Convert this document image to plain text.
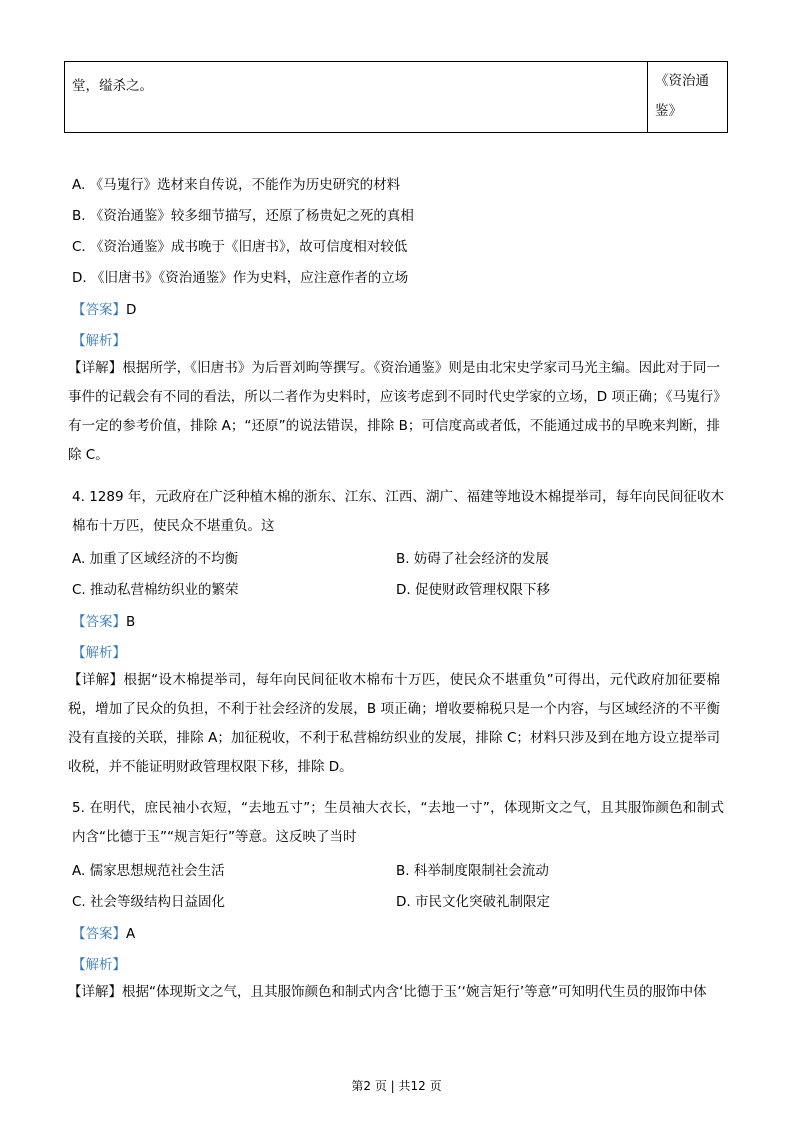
堂，缢杀之。	《资治通鉴》
A. 《马嵬行》选材来自传说，不能作为历史研究的材料
B. 《资治通鉴》较多细节描写，还原了杨贵妃之死的真相
C. 《资治通鉴》成书晚于《旧唐书》，故可信度相对较低
D. 《旧唐书》《资治通鉴》作为史料，应注意作者的立场
【答案】D
【解析】
【详解】根据所学，《旧唐书》为后晋刘昫等撰写。《资治通鉴》则是由北宋史学家司马光主编。因此对于同一事件的记载会有不同的看法，所以二者作为史料时，应该考虑到不同时代史学家的立场，D 项正确；《马嵬行》有一定的参考价值，排除 A；“还原”的说法错误，排除 B；可信度高或者低，不能通过成书的早晚来判断，排除 C。
4. 1289 年，元政府在广泛种植木棉的浙东、江东、江西、湖广、福建等地设木棉提举司，每年向民间征收木棉布十万匹，使民众不堪重负。这
A. 加重了区域经济的不均衡	B. 妨碍了社会经济的发展
C. 推动私营棉纺织业的繁荣	D. 促使财政管理权限下移
【答案】B
【解析】
【详解】根据“设木棉提举司，每年向民间征收木棉布十万匹，使民众不堪重负”可得出，元代政府加征要棉税，增加了民众的负担，不利于社会经济的发展，B 项正确；增收要棉税只是一个内容，与区域经济的不平衡没有直接的关联，排除 A；加征税收，不利于私营棉纺织业的发展，排除 C；材料只涉及到在地方设立提举司收税，并不能证明财政管理权限下移，排除 D。
5. 在明代，庶民袖小衣短，“去地五寸”；生员袖大衣长，“去地一寸”，体现斯文之气，且其服饰颜色和制式内含“比德于玉”“规言矩行”等意。这反映了当时
A. 儒家思想规范社会生活	B. 科举制度限制社会流动
C. 社会等级结构日益固化	D. 市民文化突破礼制限定
【答案】A
【解析】
【详解】根据“体现斯文之气，且其服饰颜色和制式内含‘比德于玉’‘婉言矩行’等意”可知明代生员的服饰中体
第2 页 | 共12 页
